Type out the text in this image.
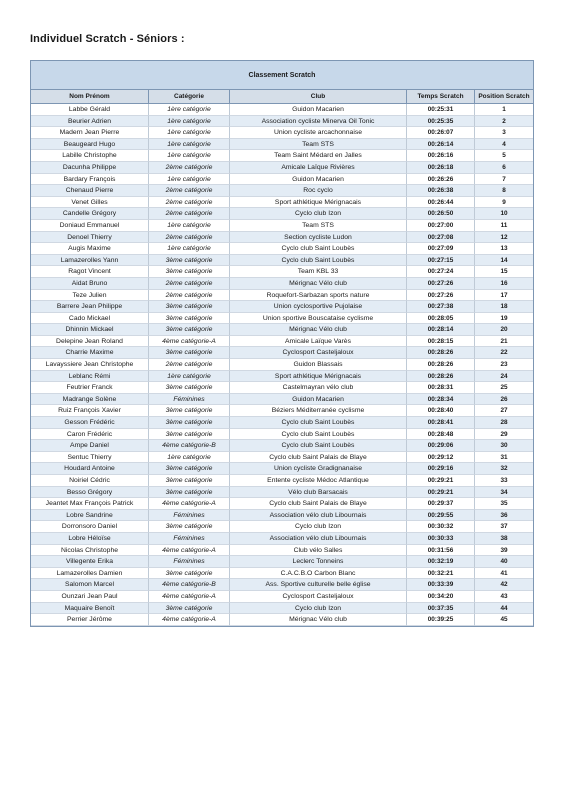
Individuel Scratch - Séniors :
Classement Scratch
Nom Prénom	Catégorie	Club	Temps Scratch	Position Scratch
Labbe Gérald	1ère catégorie	Guidon Macarien	00:25:31	1
Beurier Adrien	1ère catégorie	Association cycliste Minerva Oil Tonic	00:25:35	2
Madern Jean Pierre	1ère catégorie	Union cycliste arcachonnaise	00:26:07	3
Beaugeard Hugo	1ère catégorie	Team STS	00:26:14	4
Labille Christophe	1ère catégorie	Team Saint Médard en Jalles	00:26:16	5
Dacunha Philippe	2ème catégorie	Amicale Laïque Rivières	00:26:18	6
Bardary François	1ère catégorie	Guidon Macarien	00:26:26	7
Chenaud Pierre	2ème catégorie	Roc cyclo	00:26:38	8
Venet Gilles	2ème catégorie	Sport athlétique Mérignacais	00:26:44	9
Candelle Grégory	2ème catégorie	Cyclo club Izon	00:26:50	10
Doniaud Emmanuel	1ère catégorie	Team STS	00:27:00	11
Denoel Thierry	2ème catégorie	Section cycliste Ludon	00:27:08	12
Augis Maxime	1ère catégorie	Cyclo club Saint Loubès	00:27:09	13
Lamazerolles Yann	3ème catégorie	Cyclo club Saint Loubès	00:27:15	14
Ragot Vincent	3ème catégorie	Team KBL 33	00:27:24	15
Aidat Bruno	2ème catégorie	Mérignac Vélo club	00:27:26	16
Teze Julien	2ème catégorie	Roquefort-Sarbazan sports nature	00:27:26	17
Barrere Jean Philippe	3ème catégorie	Union cyclosportive Pujolaise	00:27:38	18
Cado Mickael	3ème catégorie	Union sportive Bouscataise cyclisme	00:28:05	19
Dhinnin Mickael	3ème catégorie	Mérignac Vélo club	00:28:14	20
Delepine Jean Roland	4ème catégorie-A	Amicale Laïque Varès	00:28:15	21
Charrie Maxime	3ème catégorie	Cyclosport Casteljaloux	00:28:26	22
Lavayssiere Jean Christophe	2ème catégorie	Guidon Blassais	00:28:26	23
Leblanc Rémi	1ère catégorie	Sport athlétique Mérignacais	00:28:26	24
Feutrier Franck	3ème catégorie	Castelmayran vélo club	00:28:31	25
Madrange Solène	Féminines	Guidon Macarien	00:28:34	26
Ruiz François Xavier	3ème catégorie	Béziers Méditerranée cyclisme	00:28:40	27
Gesson Frédéric	3ème catégorie	Cyclo club Saint Loubès	00:28:41	28
Caron Frédéric	3ème catégorie	Cyclo club Saint Loubès	00:28:48	29
Ampe Daniel	4ème catégorie-B	Cyclo club Saint Loubès	00:29:06	30
Sentuc Thierry	1ère catégorie	Cyclo club Saint Palais de Blaye	00:29:12	31
Houdard Antoine	3ème catégorie	Union cycliste Gradignanaise	00:29:16	32
Noiriel Cédric	3ème catégorie	Entente cycliste Médoc Atlantique	00:29:21	33
Besso Grégory	3ème catégorie	Vélo club Barsacais	00:29:21	34
Jeantet Max François Patrick	4ème catégorie-A	Cyclo club Saint Palais de Blaye	00:29:37	35
Lobre Sandrine	Féminines	Association vélo club Libournais	00:29:55	36
Dorronsoro Daniel	3ème catégorie	Cyclo club Izon	00:30:32	37
Lobre Héloïse	Féminines	Association vélo club Libournais	00:30:33	38
Nicolas Christophe	4ème catégorie-A	Club vélo Salles	00:31:56	39
Villegente Erika	Féminines	Leclerc Tonneins	00:32:19	40
Lamazerolles Damien	3ème catégorie	C.A.C.B.O Carbon Blanc	00:32:21	41
Salomon Marcel	4ème catégorie-B	Ass. Sportive culturelle belle église	00:33:39	42
Ounzari Jean Paul	4ème catégorie-A	Cyclosport Casteljaloux	00:34:20	43
Maquaire Benoît	3ème catégorie	Cyclo club Izon	00:37:35	44
Perrier Jérôme	4ème catégorie-A	Mérignac Vélo club	00:39:25	45
